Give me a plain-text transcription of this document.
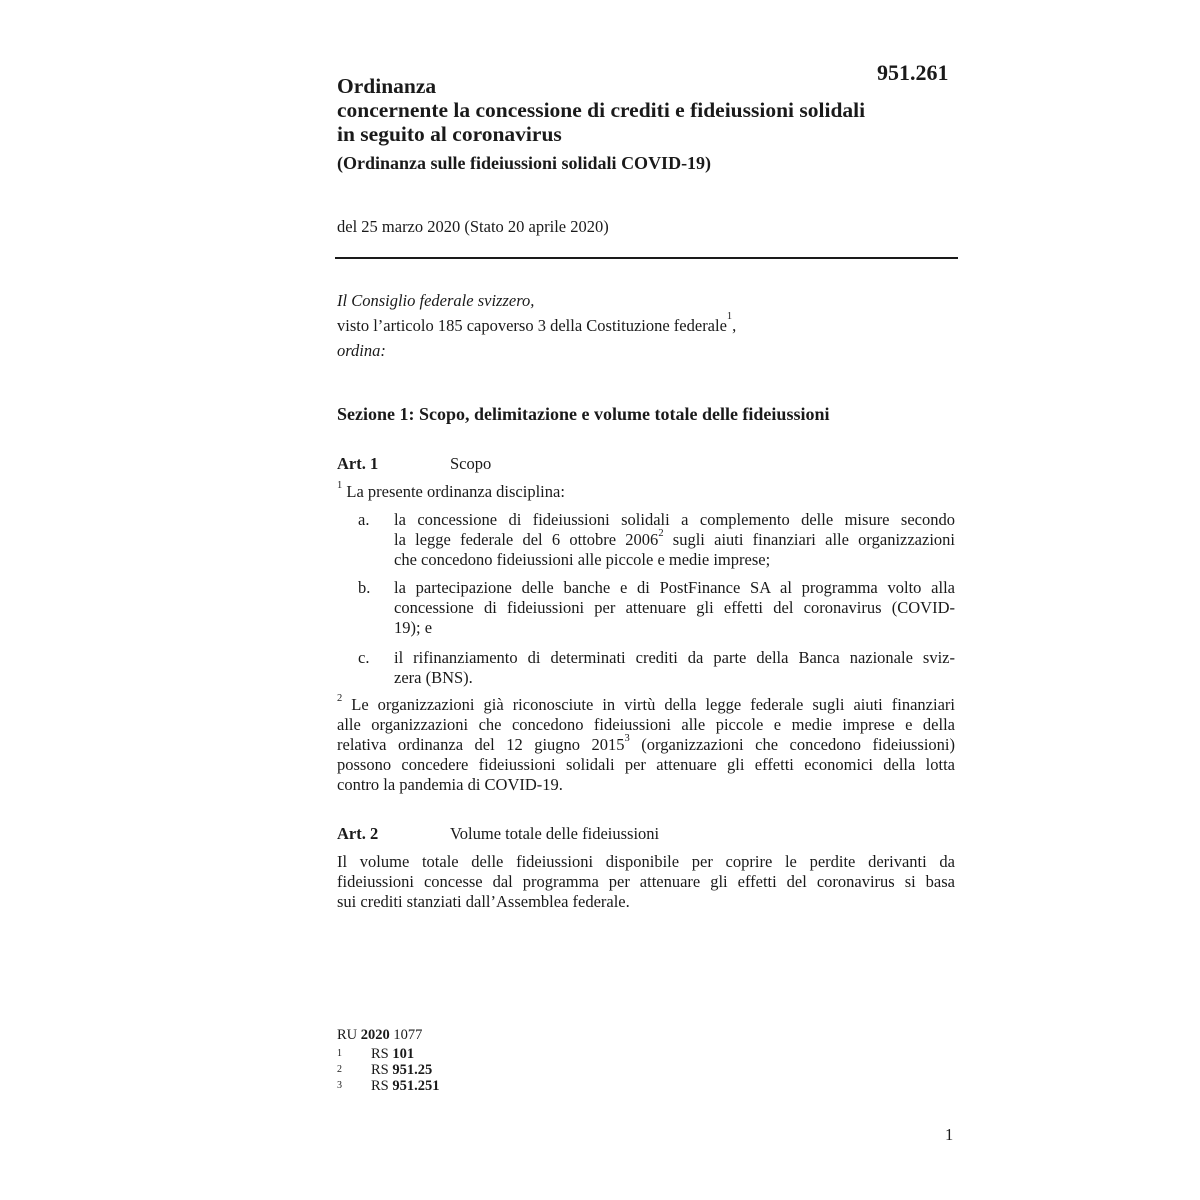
951.261
Ordinanza
concernente la concessione di crediti e fideiussioni solidali
in seguito al coronavirus
(Ordinanza sulle fideiussioni solidali COVID-19)
del 25 marzo 2020 (Stato 20 aprile 2020)
Il Consiglio federale svizzero,
visto l’articolo 185 capoverso 3 della Costituzione federale$^1$,
ordina:
Sezione 1: Scopo, delimitazione e volume totale delle fideiussioni
Art. 1	Scopo
$^1$ La presente ordinanza disciplina:
a. la concessione di fideiussioni solidali a complemento delle misure secondo
la legge federale del 6 ottobre 2006$^2$ sugli aiuti finanziari alle organizzazioni
che concedono fideiussioni alle piccole e medie imprese;
b. la partecipazione delle banche e di PostFinance SA al programma volto alla
concessione di fideiussioni per attenuare gli effetti del coronavirus (COVID-
19); e
c. il rifinanziamento di determinati crediti da parte della Banca nazionale sviz-
zera (BNS).
$^2$ Le organizzazioni già riconosciute in virtù della legge federale sugli aiuti finanziari
alle organizzazioni che concedono fideiussioni alle piccole e medie imprese e della
relativa ordinanza del 12 giugno 2015$^3$ (organizzazioni che concedono fideiussioni)
possono concedere fideiussioni solidali per attenuare gli effetti economici della lotta
contro la pandemia di COVID-19.
Art. 2	Volume totale delle fideiussioni
Il volume totale delle fideiussioni disponibile per coprire le perdite derivanti da
fideiussioni concesse dal programma per attenuare gli effetti del coronavirus si basa
sui crediti stanziati dall’Assemblea federale.
RU 2020 1077
1 RS 101
2 RS 951.25
3 RS 951.251
1
